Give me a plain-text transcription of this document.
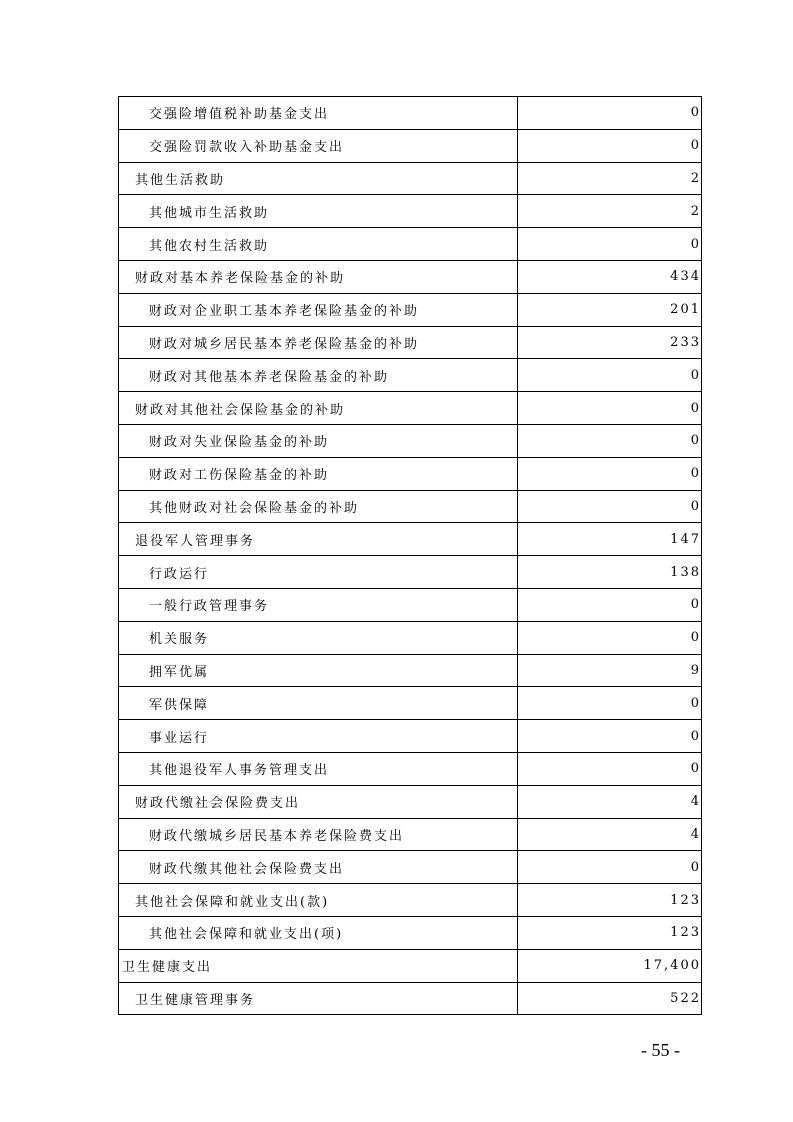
交强险增值税补助基金支出	0
交强险罚款收入补助基金支出	0
其他生活救助	2
其他城市生活救助	2
其他农村生活救助	0
财政对基本养老保险基金的补助	434
财政对企业职工基本养老保险基金的补助	201
财政对城乡居民基本养老保险基金的补助	233
财政对其他基本养老保险基金的补助	0
财政对其他社会保险基金的补助	0
财政对失业保险基金的补助	0
财政对工伤保险基金的补助	0
其他财政对社会保险基金的补助	0
退役军人管理事务	147
行政运行	138
一般行政管理事务	0
机关服务	0
拥军优属	9
军供保障	0
事业运行	0
其他退役军人事务管理支出	0
财政代缴社会保险费支出	4
财政代缴城乡居民基本养老保险费支出	4
财政代缴其他社会保险费支出	0
其他社会保障和就业支出(款)	123
其他社会保障和就业支出(项)	123
卫生健康支出	17,400
卫生健康管理事务	522
- 55 -
